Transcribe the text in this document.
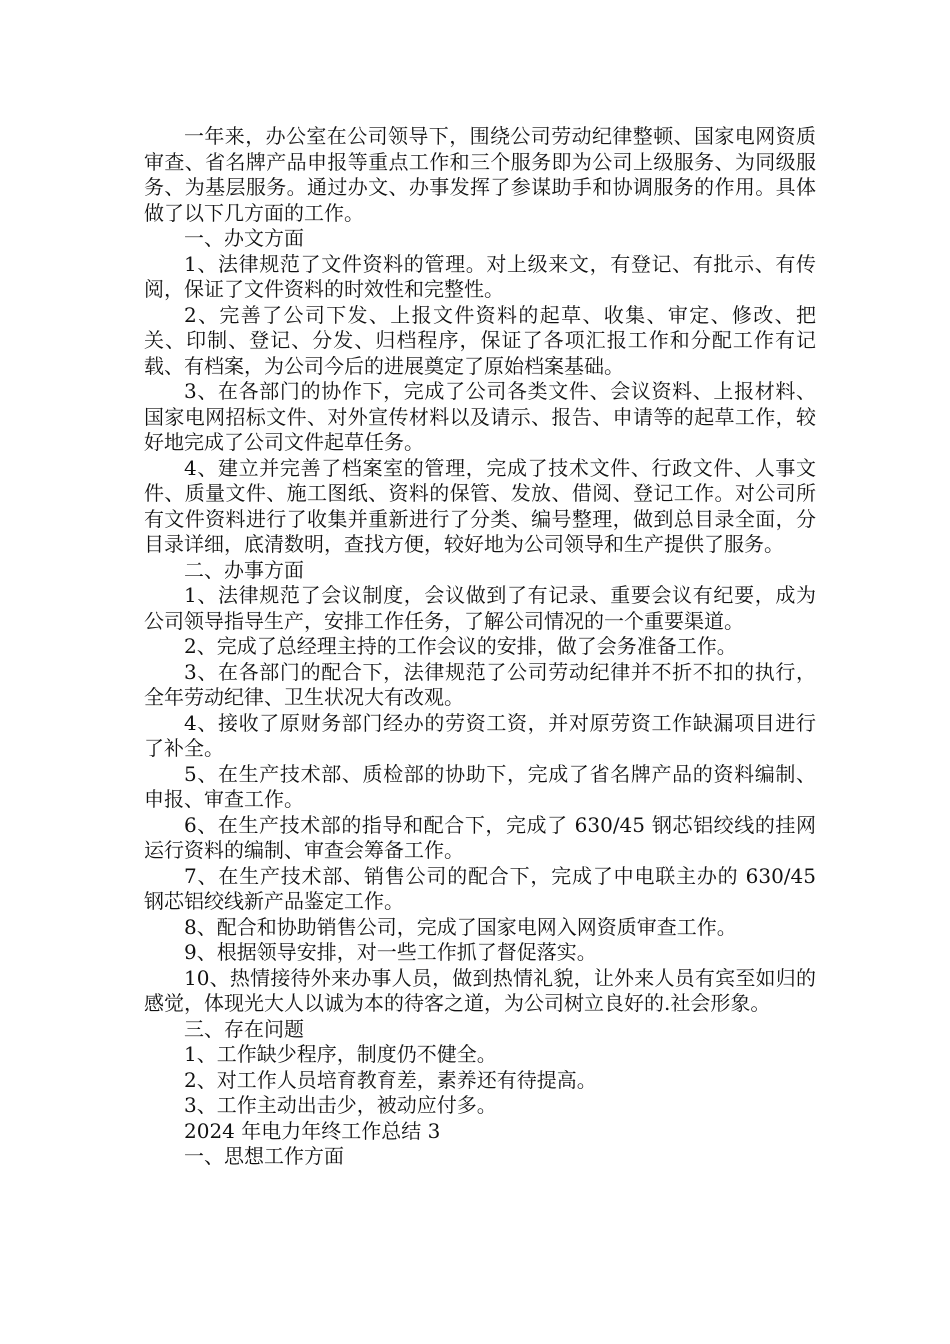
一年来，办公室在公司领导下，围绕公司劳动纪律整顿、国家电网资质审查、省名牌产品申报等重点工作和三个服务即为公司上级服务、为同级服务、为基层服务。通过办文、办事发挥了参谋助手和协调服务的作用。具体做了以下几方面的工作。

一、办文方面

1、法律规范了文件资料的管理。对上级来文，有登记、有批示、有传阅，保证了文件资料的时效性和完整性。

2、完善了公司下发、上报文件资料的起草、收集、审定、修改、把关、印制、登记、分发、归档程序，保证了各项汇报工作和分配工作有记载、有档案，为公司今后的进展奠定了原始档案基础。

3、在各部门的协作下，完成了公司各类文件、会议资料、上报材料、国家电网招标文件、对外宣传材料以及请示、报告、申请等的起草工作，较好地完成了公司文件起草任务。

4、建立并完善了档案室的管理，完成了技术文件、行政文件、人事文件、质量文件、施工图纸、资料的保管、发放、借阅、登记工作。对公司所有文件资料进行了收集并重新进行了分类、编号整理，做到总目录全面，分目录详细，底清数明，查找方便，较好地为公司领导和生产提供了服务。

二、办事方面

1、法律规范了会议制度，会议做到了有记录、重要会议有纪要，成为公司领导指导生产，安排工作任务，了解公司情况的一个重要渠道。

2、完成了总经理主持的工作会议的安排，做了会务准备工作。

3、在各部门的配合下，法律规范了公司劳动纪律并不折不扣的执行，全年劳动纪律、卫生状况大有改观。

4、接收了原财务部门经办的劳资工资，并对原劳资工作缺漏项目进行了补全。

5、在生产技术部、质检部的协助下，完成了省名牌产品的资料编制、申报、审查工作。

6、在生产技术部的指导和配合下，完成了 630/45 钢芯铝绞线的挂网运行资料的编制、审查会筹备工作。

7、在生产技术部、销售公司的配合下，完成了中电联主办的 630/45 钢芯铝绞线新产品鉴定工作。

8、配合和协助销售公司，完成了国家电网入网资质审查工作。

9、根据领导安排，对一些工作抓了督促落实。

10、热情接待外来办事人员，做到热情礼貌，让外来人员有宾至如归的感觉，体现光大人以诚为本的待客之道，为公司树立良好的.社会形象。

三、存在问题

1、工作缺少程序，制度仍不健全。

2、对工作人员培育教育差，素养还有待提高。

3、工作主动出击少，被动应付多。

2024 年电力年终工作总结 3

一、思想工作方面
